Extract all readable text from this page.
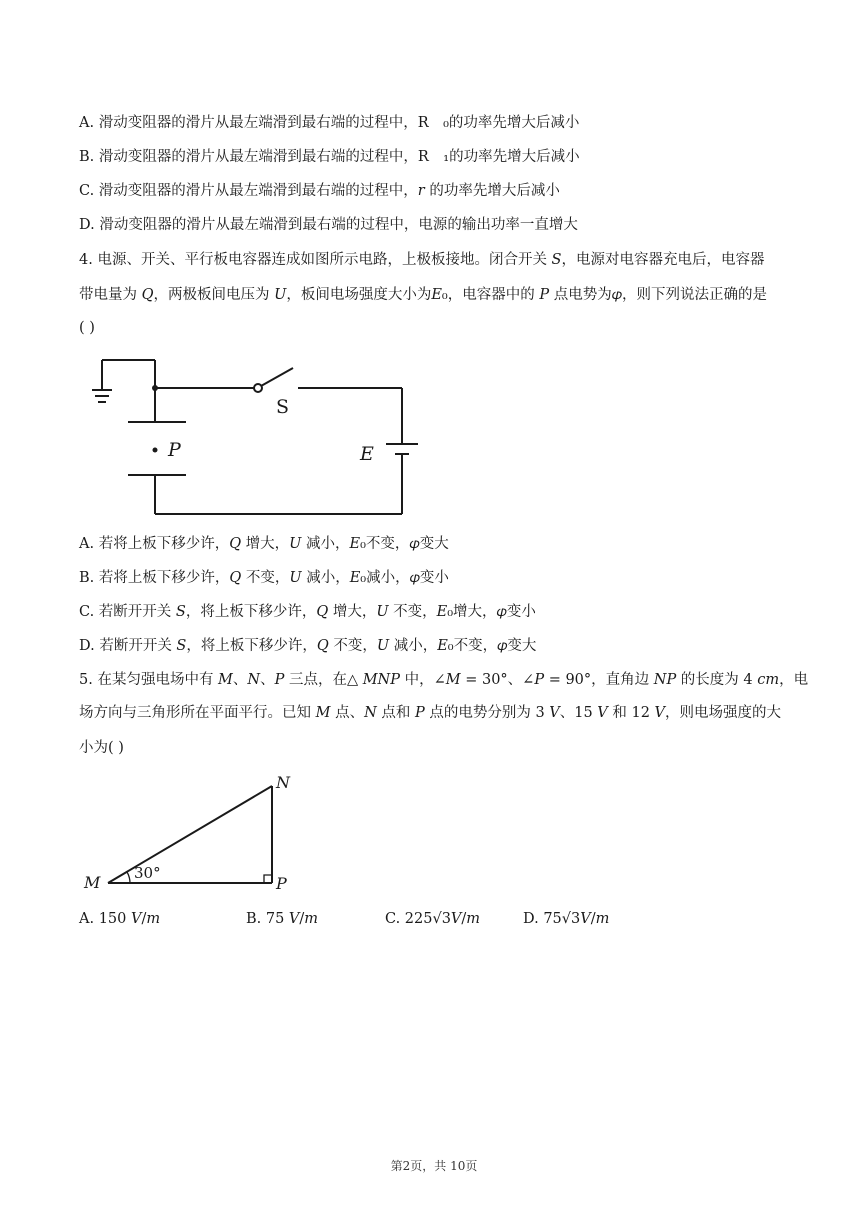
A. 滑动变阻器的滑片从最左端滑到最右端的过程中，R  ₀的功率先增大后减小
B. 滑动变阻器的滑片从最左端滑到最右端的过程中，R  ₁的功率先增大后减小
C. 滑动变阻器的滑片从最左端滑到最右端的过程中，𝑟 的功率先增大后减小
D. 滑动变阻器的滑片从最左端滑到最右端的过程中，电源的输出功率一直增大
4. 电源、开关、平行板电容器连成如图所示电路，上极板接地。闭合开关 𝑆，电源对电容器充电后，电容器
带电量为 𝑄，两极板间电压为 𝑈，板间电场强度大小为𝐸₀，电容器中的 𝑃 点电势为𝜑，则下列说法正确的是
( )
P
S
E
A. 若将上板下移少许，𝑄 增大，𝑈 减小，𝐸₀不变，𝜑变大
B. 若将上板下移少许，𝑄 不变，𝑈 减小，𝐸₀减小，𝜑变小
C. 若断开开关 𝑆，将上板下移少许，𝑄 增大，𝑈 不变，𝐸₀增大，𝜑变小
D. 若断开开关 𝑆，将上板下移少许，𝑄 不变，𝑈 减小，𝐸₀不变，𝜑变大
5. 在某匀强电场中有 𝑀、𝑁、𝑃 三点，在△ 𝑀𝑁𝑃 中，∠𝑀 = 30°、∠𝑃 = 90°，直角边 𝑁𝑃 的长度为 4 𝑐𝑚，电
场方向与三角形所在平面平行。已知 𝑀 点、𝑁 点和 𝑃 点的电势分别为 3 𝑉、15 𝑉 和 12 𝑉，则电场强度的大
小为( )
M
N
P
30°
A. 150 𝑉/𝑚	B. 75 𝑉/𝑚	C. 225√3𝑉/𝑚	D. 75√3𝑉/𝑚
第2页，共 10页
